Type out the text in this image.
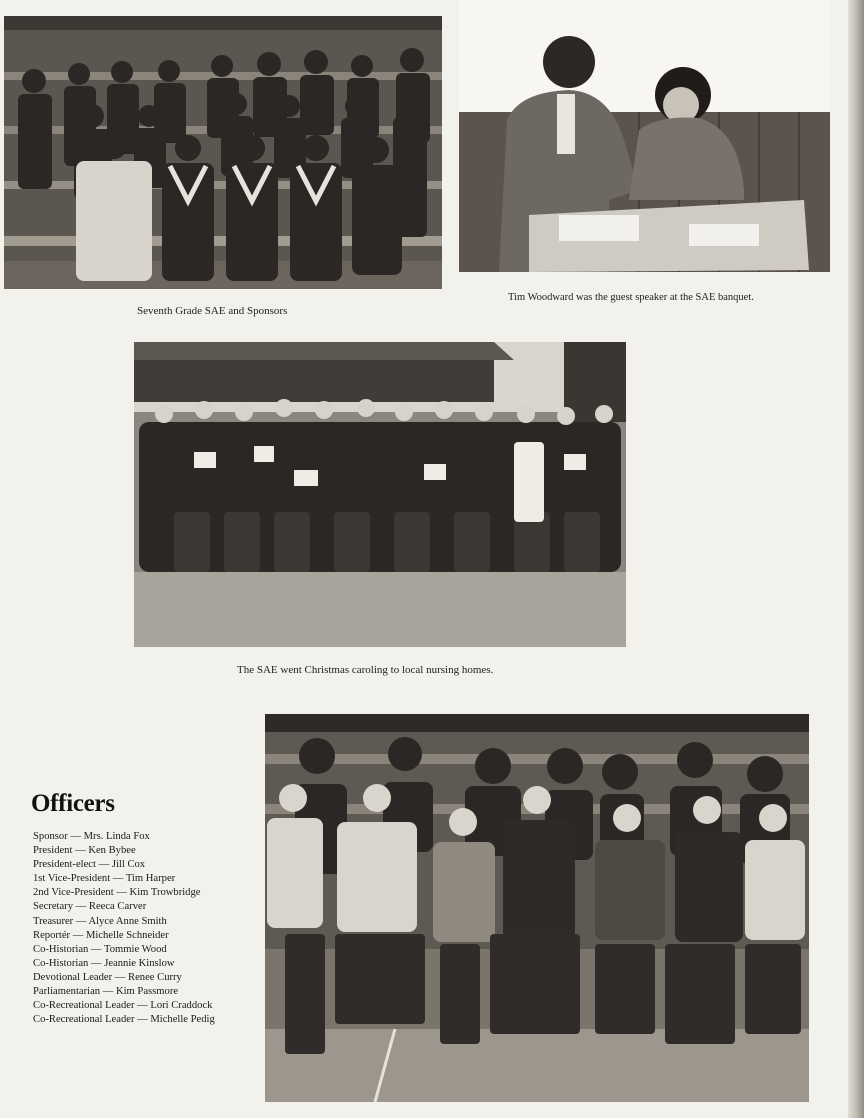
Seventh Grade SAE and Sponsors
Tim Woodward was the guest speaker at the SAE banquet.
The SAE went Christmas caroling to local nursing homes.
Officers
Sponsor — Mrs. Linda Fox
President — Ken Bybee
President-elect — Jill Cox
1st Vice-President — Tim Harper
2nd Vice-President — Kim Trowbridge
Secretary — Reeca Carver
Treasurer — Alyce Anne Smith
Reportér — Michelle Schneider
Co-Historian — Tommie Wood
Co-Historian — Jeannie Kinslow
Devotional Leader — Renee Curry
Parliamentarian — Kim Passmore
Co-Recreational Leader — Lori Craddock
Co-Recreational Leader — Michelle Pedig
